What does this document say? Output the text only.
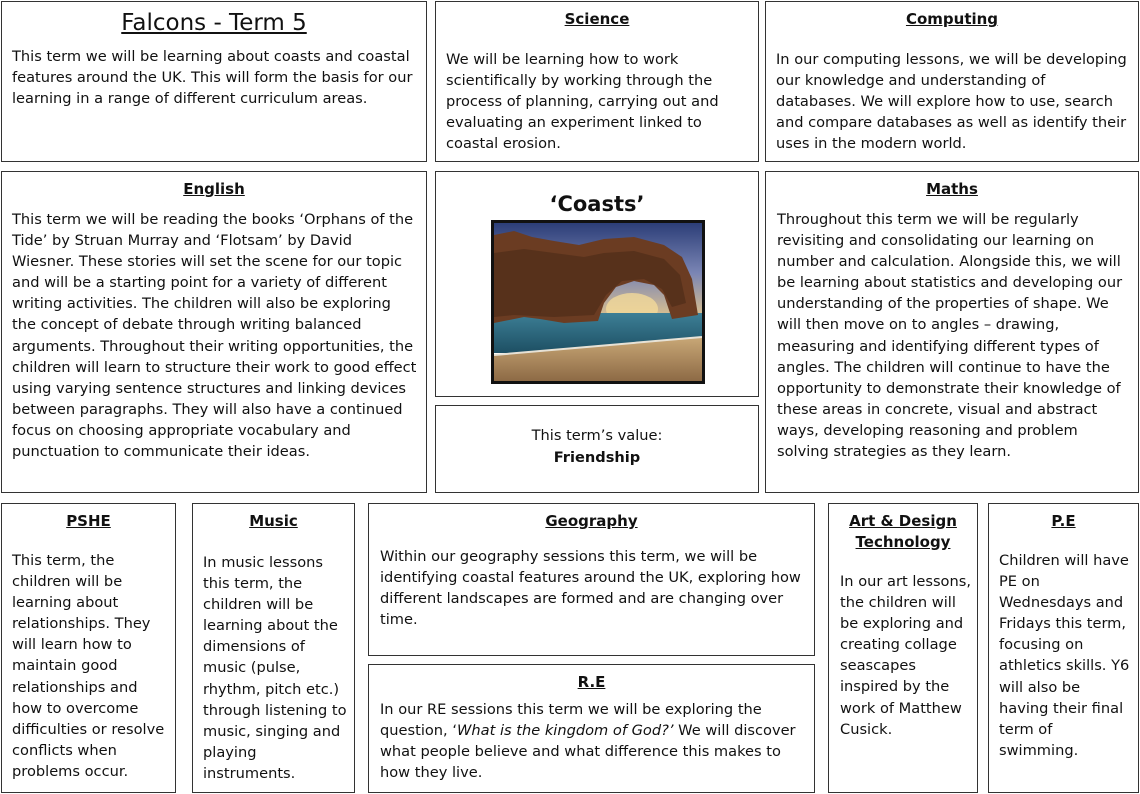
Falcons - Term 5

This term we will be learning about coasts and coastal features around the UK. This will form the basis for our learning in a range of different curriculum areas.

Science

We will be learning how to work scientifically by working through the process of planning, carrying out and evaluating an experiment linked to coastal erosion.

Computing

In our computing lessons, we will be developing our knowledge and understanding of databases. We will explore how to use, search and compare databases as well as identify their uses in the modern world.

English

This term we will be reading the books ‘Orphans of the Tide’ by Struan Murray and ‘Flotsam’ by David Wiesner. These stories will set the scene for our topic and will be a starting point for a variety of different writing activities. The children will also be exploring the concept of debate through writing balanced arguments. Throughout their writing opportunities, the children will learn to structure their work to good effect using varying sentence structures and linking devices between paragraphs. They will also have a continued focus on choosing appropriate vocabulary and punctuation to communicate their ideas.

‘Coasts’
This term’s value:
Friendship
Maths

Throughout this term we will be regularly revisiting and consolidating our learning on number and calculation. Alongside this, we will be learning about statistics and developing our understanding of the properties of shape. We will then move on to angles – drawing, measuring and identifying different types of angles. The children will continue to have the opportunity to demonstrate their knowledge of these areas in concrete, visual and abstract ways, developing reasoning and problem solving strategies as they learn.

PSHE

This term, the children will be learning about relationships. They will learn how to maintain good relationships and how to overcome difficulties or resolve conflicts when problems occur.

Music

In music lessons this term, the children will be learning about the dimensions of music (pulse, rhythm, pitch etc.) through listening to music, singing and playing instruments.

Geography

Within our geography sessions this term, we will be identifying coastal features around the UK, exploring how different landscapes are formed and are changing over time.

R.E

In our RE sessions this term we will be exploring the question, ‘What is the kingdom of God?’ We will discover what people believe and what difference this makes to how they live.

Art & Design
Technology

In our art lessons, the children will be exploring and creating collage seascapes inspired by the work of Matthew Cusick.

P.E

Children will have PE on Wednesdays and Fridays this term, focusing on athletics skills. Y6 will also be having their final term of swimming.
